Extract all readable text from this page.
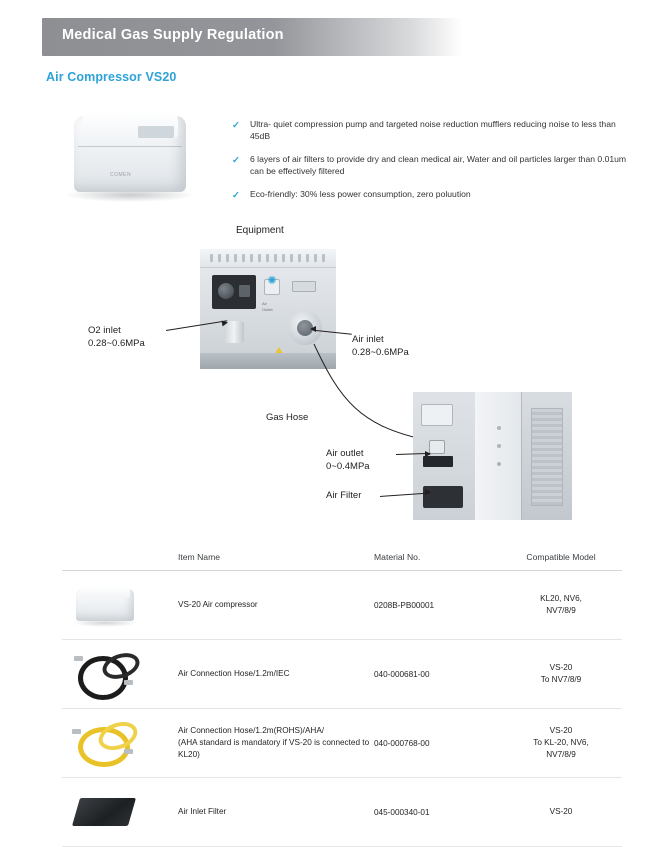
Medical Gas Supply Regulation
Air Compressor VS20
COMEN
✓ Ultra- quiet compression pump and targeted noise reduction mufflers reducing noise to less than 45dB
✓ 6 layers of air filters to provide dry and clean medical air, Water and oil particles larger than 0.01um can be effectively filtered
✓ Eco-friendly: 30% less power consumption, zero poluution
Equipment
✺
Air
Outlet
O2 inlet
0.28~0.6MPa	Air inlet
0.28~0.6MPa
Gas Hose
Air outlet
0~0.4MPa
Air Filter
	Item Name	Material No.	Compatible Model

	VS-20 Air compressor	0208B-PB00001	KL20, NV6,
NV7/8/9

	Air Connection Hose/1.2m/IEC	040-000681-00	VS-20
To NV7/8/9

	Air Connection Hose/1.2m(ROHS)/AHA/
(AHA standard is mandatory if VS-20 is connected to KL20)	040-000768-00	VS-20
To KL-20, NV6,
NV7/8/9

	Air Inlet Filter	045-000340-01	VS-20
